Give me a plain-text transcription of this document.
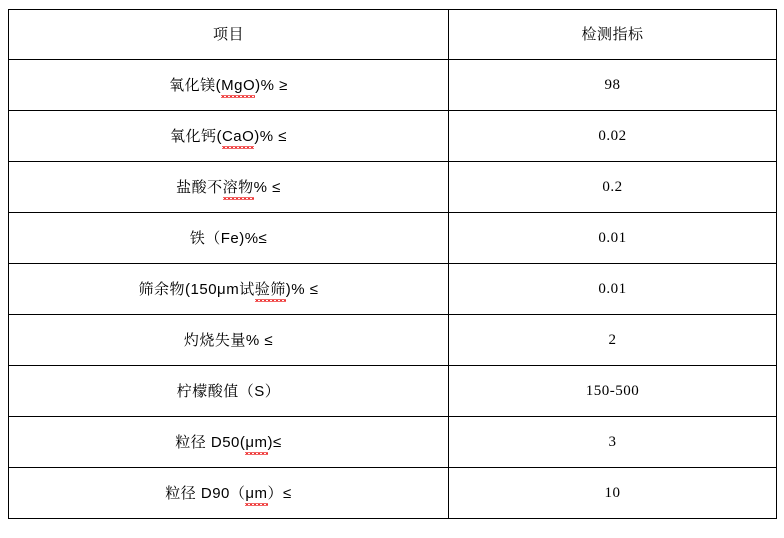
项目	检测指标
氧化镁(MgO)% ≥	98
氧化钙(CaO)% ≤	0.02
盐酸不溶物% ≤	0.2
铁（Fe)%≤	0.01
筛余物(150μm试验筛)% ≤	0.01
灼烧失量% ≤	2
柠檬酸值（S）	150-500
粒径 D50(μm)≤	3
粒径 D90（μm）≤	10
